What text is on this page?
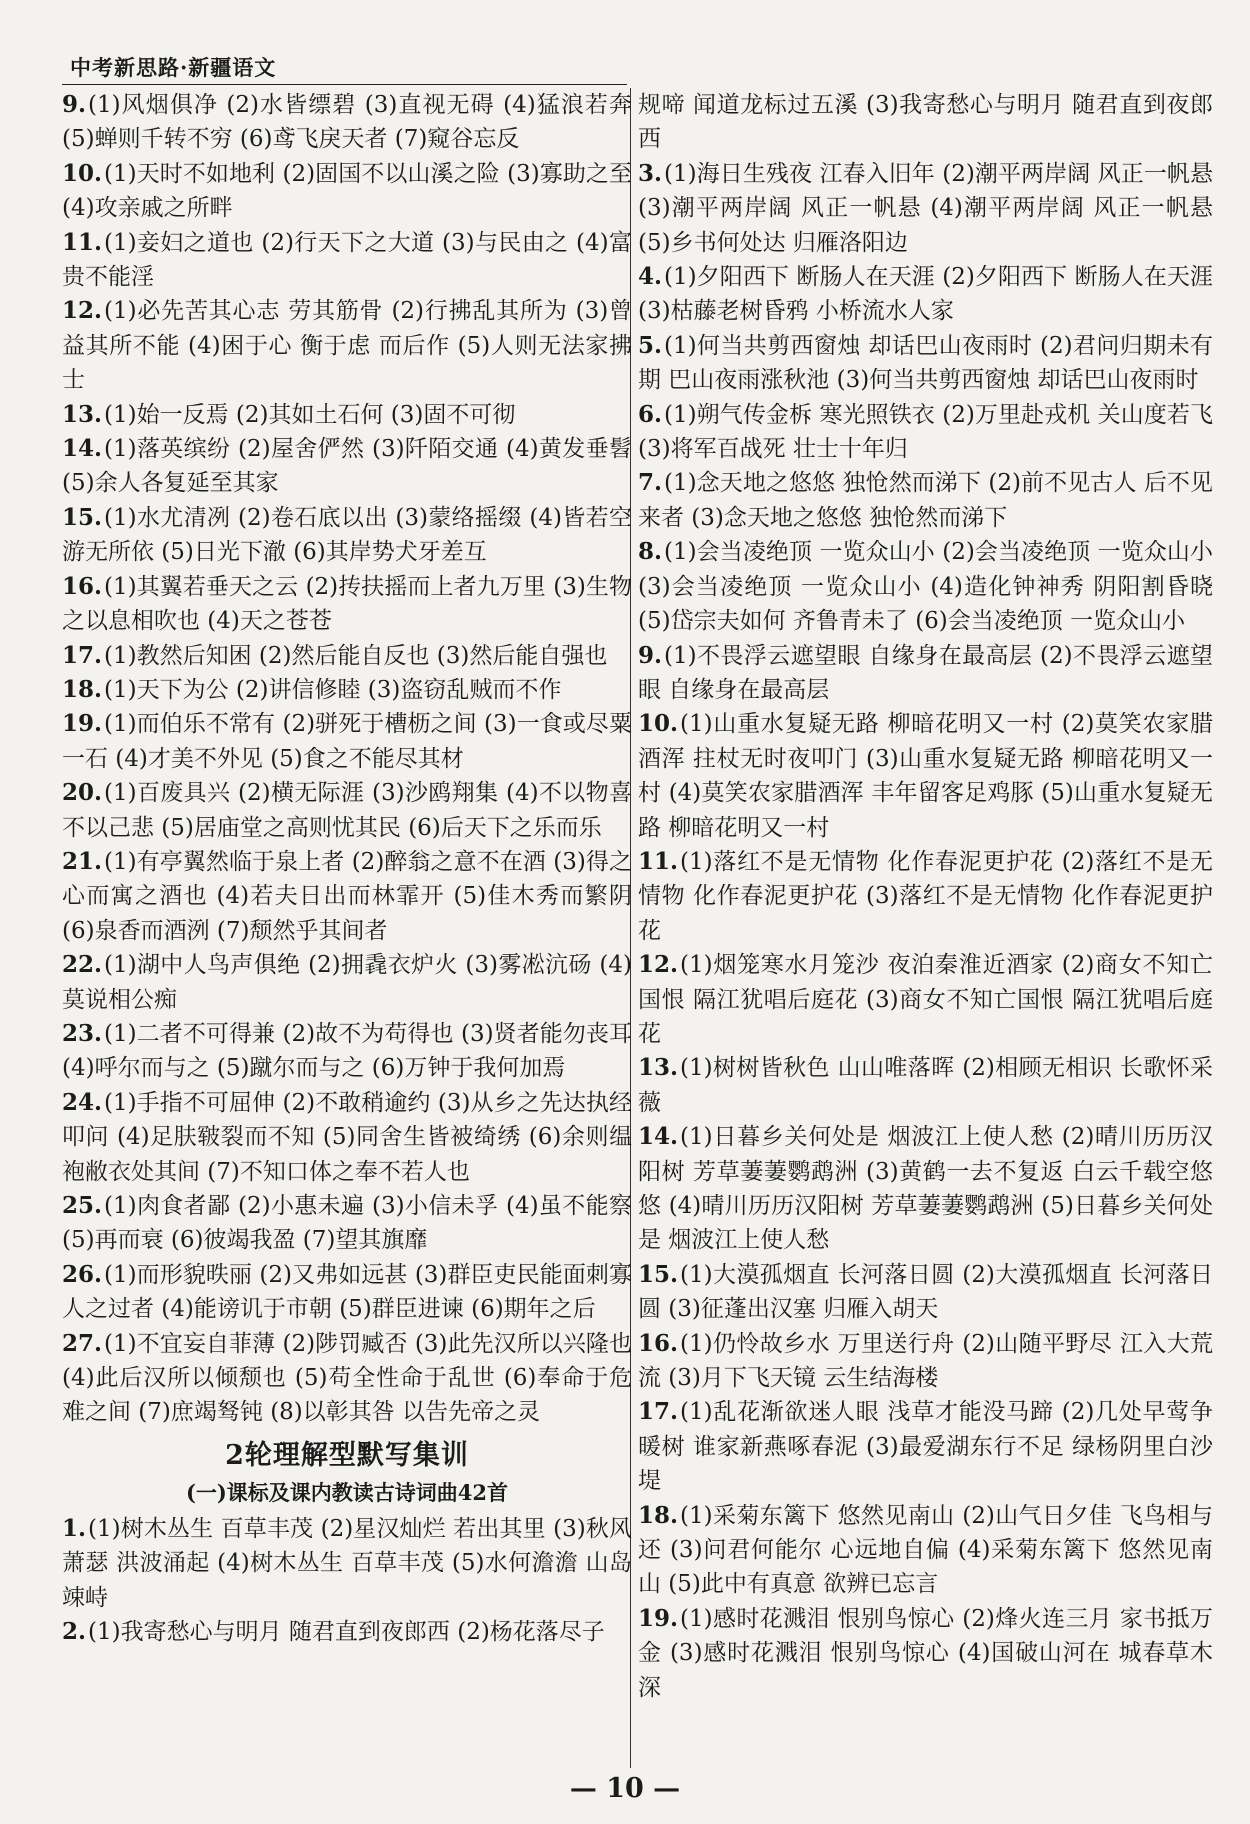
中考新思路·新疆语文
9.(1)风烟俱净 (2)水皆缥碧 (3)直视无碍 (4)猛浪若奔 (5)蝉则千转不穷 (6)鸢飞戾天者 (7)窥谷忘反
10.(1)天时不如地利 (2)固国不以山溪之险 (3)寡助之至 (4)攻亲戚之所畔
11.(1)妾妇之道也 (2)行天下之大道 (3)与民由之 (4)富贵不能淫
12.(1)必先苦其心志 劳其筋骨 (2)行拂乱其所为 (3)曾益其所不能 (4)困于心 衡于虑 而后作 (5)人则无法家拂士
13.(1)始一反焉 (2)其如土石何 (3)固不可彻
14.(1)落英缤纷 (2)屋舍俨然 (3)阡陌交通 (4)黄发垂髫 (5)余人各复延至其家
15.(1)水尤清冽 (2)卷石底以出 (3)蒙络摇缀 (4)皆若空游无所依 (5)日光下澈 (6)其岸势犬牙差互
16.(1)其翼若垂天之云 (2)抟扶摇而上者九万里 (3)生物之以息相吹也 (4)天之苍苍
17.(1)教然后知困 (2)然后能自反也 (3)然后能自强也
18.(1)天下为公 (2)讲信修睦 (3)盗窃乱贼而不作
19.(1)而伯乐不常有 (2)骈死于槽枥之间 (3)一食或尽粟一石 (4)才美不外见 (5)食之不能尽其材
20.(1)百废具兴 (2)横无际涯 (3)沙鸥翔集 (4)不以物喜 不以己悲 (5)居庙堂之高则忧其民 (6)后天下之乐而乐
21.(1)有亭翼然临于泉上者 (2)醉翁之意不在酒 (3)得之心而寓之酒也 (4)若夫日出而林霏开 (5)佳木秀而繁阴 (6)泉香而酒洌 (7)颓然乎其间者
22.(1)湖中人鸟声俱绝 (2)拥毳衣炉火 (3)雾凇沆砀 (4)莫说相公痴
23.(1)二者不可得兼 (2)故不为苟得也 (3)贤者能勿丧耳 (4)呼尔而与之 (5)蹴尔而与之 (6)万钟于我何加焉
24.(1)手指不可屈伸 (2)不敢稍逾约 (3)从乡之先达执经叩问 (4)足肤皲裂而不知 (5)同舍生皆被绮绣 (6)余则缊袍敝衣处其间 (7)不知口体之奉不若人也
25.(1)肉食者鄙 (2)小惠未遍 (3)小信未孚 (4)虽不能察 (5)再而衰 (6)彼竭我盈 (7)望其旗靡
26.(1)而形貌昳丽 (2)又弗如远甚 (3)群臣吏民能面刺寡人之过者 (4)能谤讥于市朝 (5)群臣进谏 (6)期年之后
27.(1)不宜妄自菲薄 (2)陟罚臧否 (3)此先汉所以兴隆也 (4)此后汉所以倾颓也 (5)苟全性命于乱世 (6)奉命于危难之间 (7)庶竭驽钝 (8)以彰其咎 以告先帝之灵
2轮理解型默写集训
(一)课标及课内教读古诗词曲42首
1.(1)树木丛生 百草丰茂 (2)星汉灿烂 若出其里 (3)秋风萧瑟 洪波涌起 (4)树木丛生 百草丰茂 (5)水何澹澹 山岛竦峙
2.(1)我寄愁心与明月 随君直到夜郎西 (2)杨花落尽子
规啼 闻道龙标过五溪 (3)我寄愁心与明月 随君直到夜郎西
3.(1)海日生残夜 江春入旧年 (2)潮平两岸阔 风正一帆悬 (3)潮平两岸阔 风正一帆悬 (4)潮平两岸阔 风正一帆悬 (5)乡书何处达 归雁洛阳边
4.(1)夕阳西下 断肠人在天涯 (2)夕阳西下 断肠人在天涯 (3)枯藤老树昏鸦 小桥流水人家
5.(1)何当共剪西窗烛 却话巴山夜雨时 (2)君问归期未有期 巴山夜雨涨秋池 (3)何当共剪西窗烛 却话巴山夜雨时
6.(1)朔气传金柝 寒光照铁衣 (2)万里赴戎机 关山度若飞 (3)将军百战死 壮士十年归
7.(1)念天地之悠悠 独怆然而涕下 (2)前不见古人 后不见来者 (3)念天地之悠悠 独怆然而涕下
8.(1)会当凌绝顶 一览众山小 (2)会当凌绝顶 一览众山小 (3)会当凌绝顶 一览众山小 (4)造化钟神秀 阴阳割昏晓 (5)岱宗夫如何 齐鲁青未了 (6)会当凌绝顶 一览众山小
9.(1)不畏浮云遮望眼 自缘身在最高层 (2)不畏浮云遮望眼 自缘身在最高层
10.(1)山重水复疑无路 柳暗花明又一村 (2)莫笑农家腊酒浑 拄杖无时夜叩门 (3)山重水复疑无路 柳暗花明又一村 (4)莫笑农家腊酒浑 丰年留客足鸡豚 (5)山重水复疑无路 柳暗花明又一村
11.(1)落红不是无情物 化作春泥更护花 (2)落红不是无情物 化作春泥更护花 (3)落红不是无情物 化作春泥更护花
12.(1)烟笼寒水月笼沙 夜泊秦淮近酒家 (2)商女不知亡国恨 隔江犹唱后庭花 (3)商女不知亡国恨 隔江犹唱后庭花
13.(1)树树皆秋色 山山唯落晖 (2)相顾无相识 长歌怀采薇
14.(1)日暮乡关何处是 烟波江上使人愁 (2)晴川历历汉阳树 芳草萋萋鹦鹉洲 (3)黄鹤一去不复返 白云千载空悠悠 (4)晴川历历汉阳树 芳草萋萋鹦鹉洲 (5)日暮乡关何处是 烟波江上使人愁
15.(1)大漠孤烟直 长河落日圆 (2)大漠孤烟直 长河落日圆 (3)征蓬出汉塞 归雁入胡天
16.(1)仍怜故乡水 万里送行舟 (2)山随平野尽 江入大荒流 (3)月下飞天镜 云生结海楼
17.(1)乱花渐欲迷人眼 浅草才能没马蹄 (2)几处早莺争暖树 谁家新燕啄春泥 (3)最爱湖东行不足 绿杨阴里白沙堤
18.(1)采菊东篱下 悠然见南山 (2)山气日夕佳 飞鸟相与还 (3)问君何能尔 心远地自偏 (4)采菊东篱下 悠然见南山 (5)此中有真意 欲辨已忘言
19.(1)感时花溅泪 恨别鸟惊心 (2)烽火连三月 家书抵万金 (3)感时花溅泪 恨别鸟惊心 (4)国破山河在 城春草木深
— 10 —
